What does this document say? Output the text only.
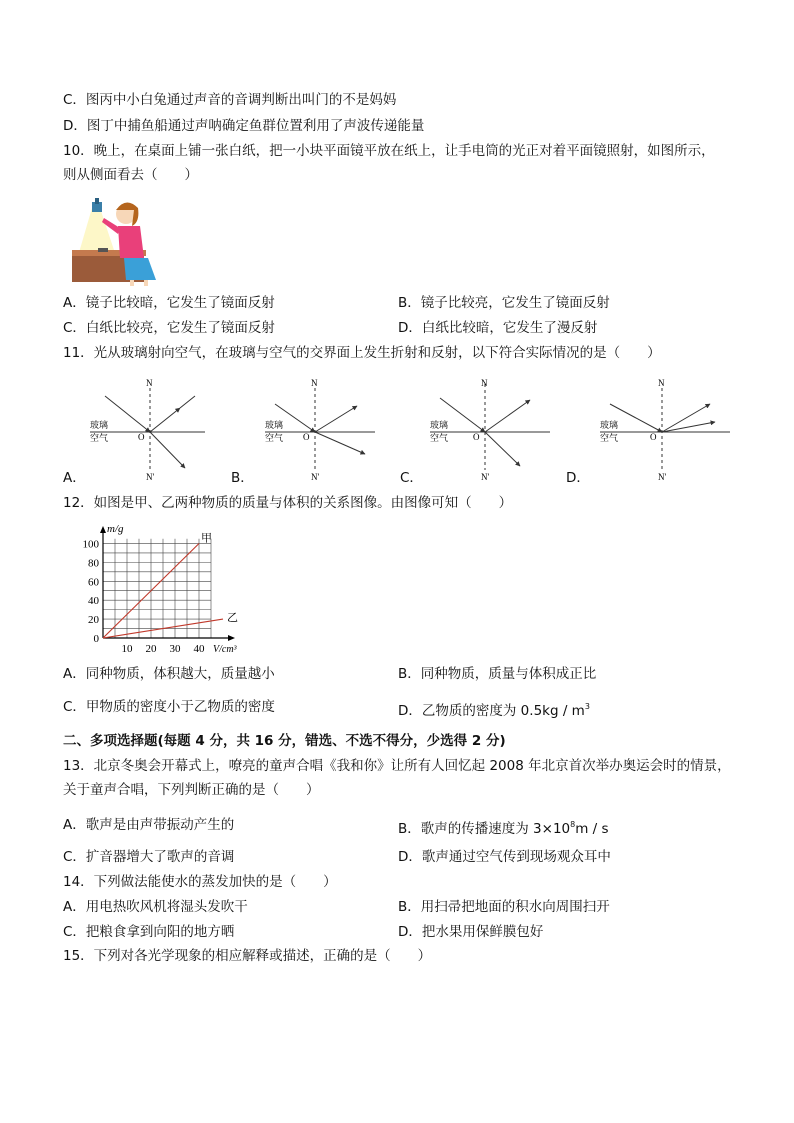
C．图丙中小白兔通过声音的音调判断出叫门的不是妈妈
D．图丁中捕鱼船通过声呐确定鱼群位置利用了声波传递能量
10．晚上，在桌面上铺一张白纸，把一小块平面镜平放在纸上，让手电筒的光正对着平面镜照射，如图所示，
则从侧面看去（　　）
A．镜子比较暗，它发生了镜面反射	B．镜子比较亮，它发生了镜面反射
C．白纸比较亮，它发生了镜面反射	D．白纸比较暗，它发生了漫反射
11．光从玻璃射向空气，在玻璃与空气的交界面上发生折射和反射，以下符合实际情况的是（　　）
N
N'
O
玻璃
空气
N
N'
O
玻璃
空气
N
N'
O
玻璃
空气
N
N'
O
玻璃
空气
A．	B．	C．	D．
12．如图是甲、乙两种物质的质量与体积的关系图像。由图像可知（　　）
0
20
40
60
80
100
10 20 30 40
m/g
V/cm³
甲
乙
A．同种物质，体积越大，质量越小	B．同种物质，质量与体积成正比
C．甲物质的密度小于乙物质的密度	D．乙物质的密度为 $0.5kg / m^3$
二、多项选择题(每题 4 分，共 16 分，错选、不选不得分，少选得 2 分)
13．北京冬奥会开幕式上，嘹亮的童声合唱《我和你》让所有人回忆起 2008 年北京首次举办奥运会时的情景，
关于童声合唱，下列判断正确的是（　　）
A．歌声是由声带振动产生的	B．歌声的传播速度为 $3\times 10^8m / s$
C．扩音器增大了歌声的音调	D．歌声通过空气传到现场观众耳中
14．下列做法能使水的蒸发加快的是（　　）
A．用电热吹风机将湿头发吹干	B．用扫帚把地面的积水向周围扫开
C．把粮食拿到向阳的地方晒	D．把水果用保鲜膜包好
15．下列对各光学现象的相应解释或描述，正确的是（　　）
